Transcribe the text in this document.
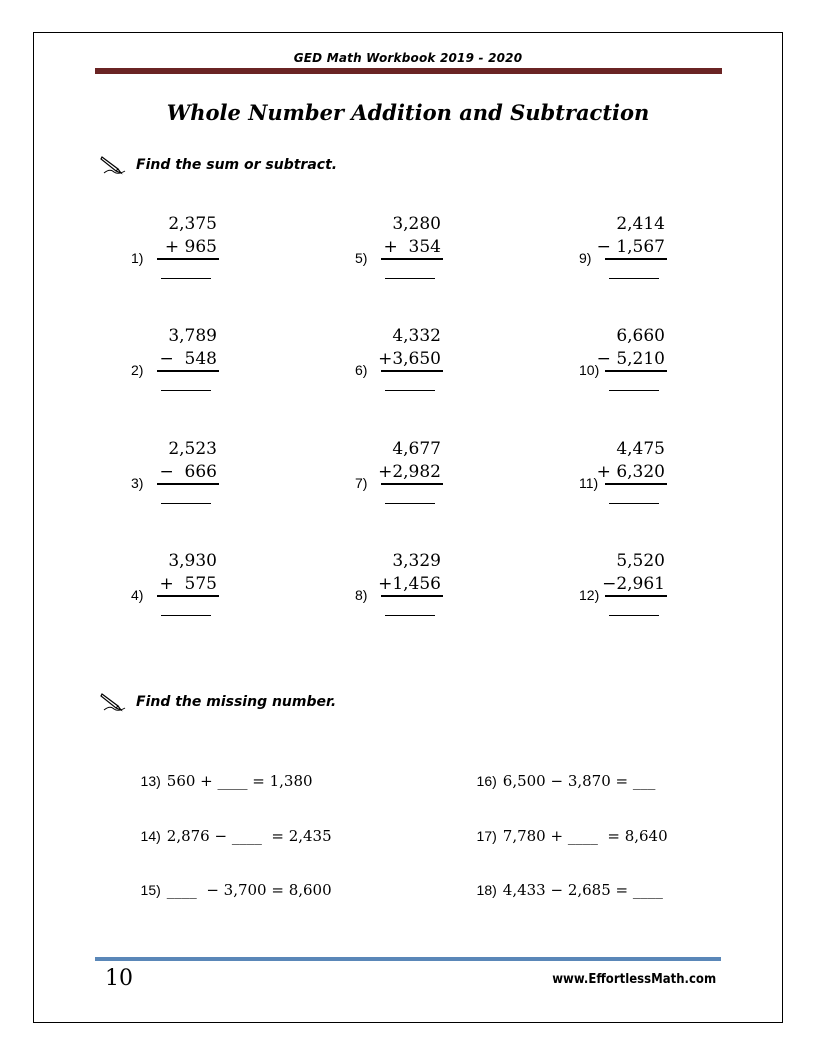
GED Math Workbook 2019 - 2020
Whole Number Addition and Subtraction
Find the sum or subtract.
1)
2,375
+ 965
2)
3,789
−  548
3)
2,523
−  666
4)
3,930
+  575
5)
3,280
+  354
6)
4,332
+3,650
7)
4,677
+2,982
8)
3,329
+1,456
9)
2,414
− 1,567
10)
6,660
− 5,210
11)
4,475
+ 6,320
12)
5,520
−2,961
Find the missing number.

13) 560 + ____ = 1,380

14) 2,876 − ____  = 2,435

15) ____  − 3,700 = 8,600

16) 6,500 − 3,870 = ___

17) 7,780 + ____  = 8,640

18) 4,433 − 2,685 = ____

10	www.EffortlessMath.com
